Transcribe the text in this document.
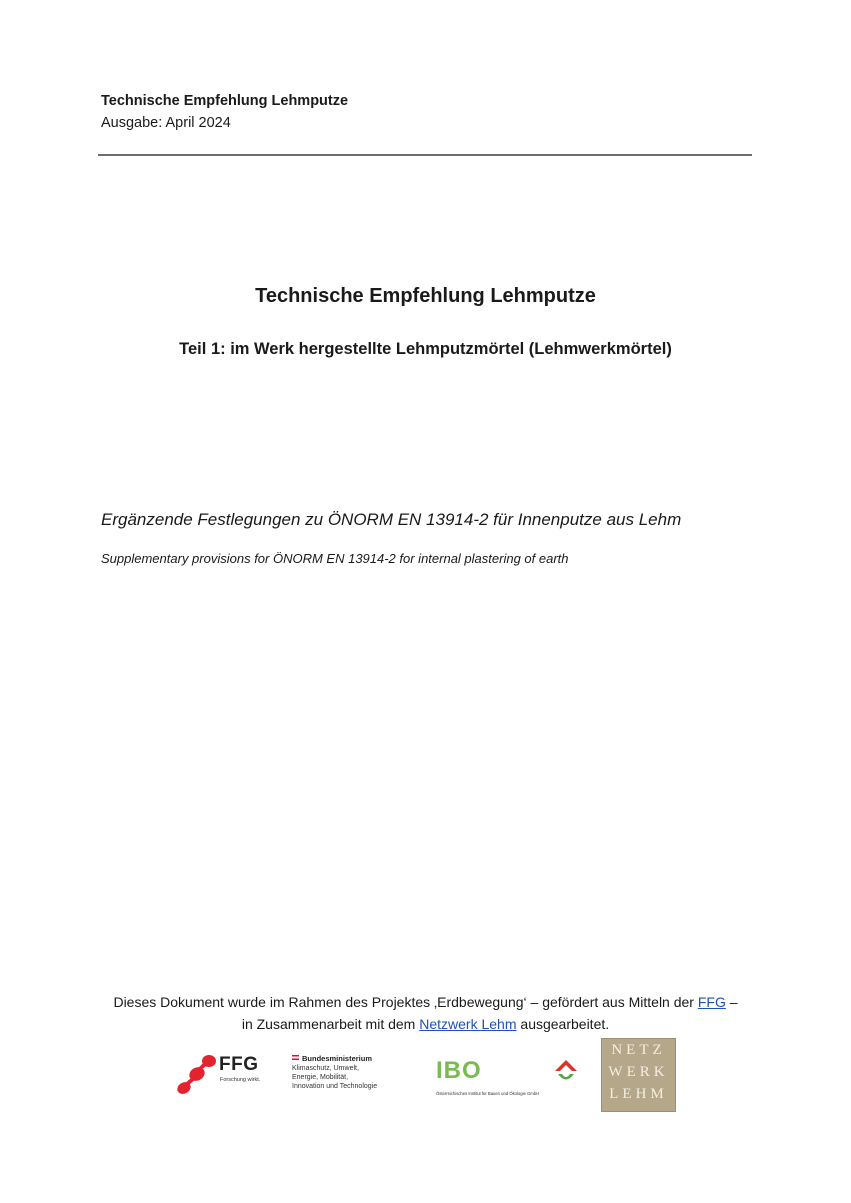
Technische Empfehlung Lehmputze
Ausgabe: April 2024
Technische Empfehlung Lehmputze
Teil 1: im Werk hergestellte Lehmputzmörtel (Lehmwerkmörtel)
Ergänzende Festlegungen zu ÖNORM EN 13914-2 für Innenputze aus Lehm
Supplementary provisions for ÖNORM EN 13914-2 for internal plastering of earth
Dieses Dokument wurde im Rahmen des Projektes ‚Erdbewegung‘ – gefördert aus Mitteln der FFG –
in Zusammenarbeit mit dem Netzwerk Lehm ausgearbeitet.
FFG
Forschung wirkt.
Bundesministerium
Klimaschutz, Umwelt,
Energie, Mobilität,
Innovation und Technologie
IBO
Österreichisches Institut für Bauen und Ökologie GmbH
NETZ
WERK
LEHM
